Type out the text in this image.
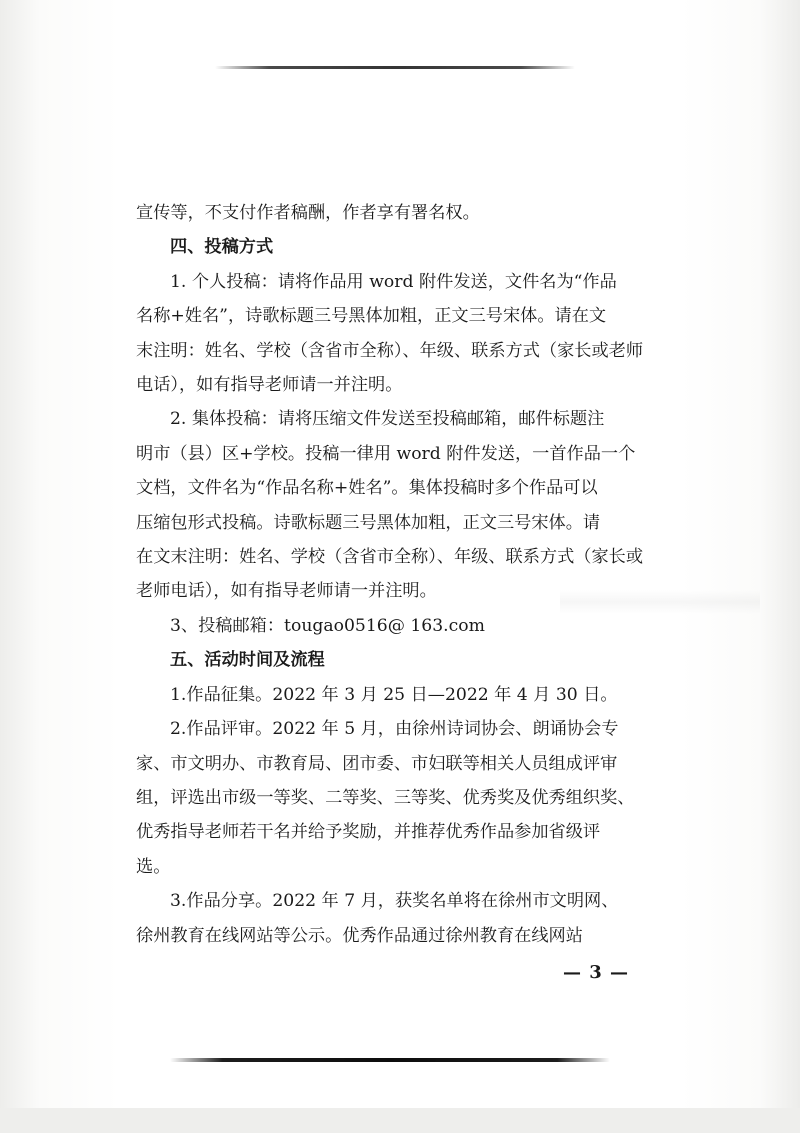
宣传等，不支付作者稿酬，作者享有署名权。

四、投稿方式

1. 个人投稿：请将作品用 word 附件发送，文件名为“作品

名称+姓名”，诗歌标题三号黑体加粗，正文三号宋体。请在文

末注明：姓名、学校（含省市全称）、年级、联系方式（家长或老师

电话），如有指导老师请一并注明。

2. 集体投稿：请将压缩文件发送至投稿邮箱，邮件标题注

明市（县）区+学校。投稿一律用 word 附件发送，一首作品一个

文档，文件名为“作品名称+姓名”。集体投稿时多个作品可以

压缩包形式投稿。诗歌标题三号黑体加粗，正文三号宋体。请

在文末注明：姓名、学校（含省市全称）、年级、联系方式（家长或

老师电话），如有指导老师请一并注明。

3、投稿邮箱：tougao0516@ 163.com

五、活动时间及流程

1.作品征集。2022 年 3 月 25 日—2022 年 4 月 30 日。

2.作品评审。2022 年 5 月，由徐州诗词协会、朗诵协会专

家、市文明办、市教育局、团市委、市妇联等相关人员组成评审

组，评选出市级一等奖、二等奖、三等奖、优秀奖及优秀组织奖、

优秀指导老师若干名并给予奖励，并推荐优秀作品参加省级评

选。

3.作品分享。2022 年 7 月，获奖名单将在徐州市文明网、

徐州教育在线网站等公示。优秀作品通过徐州教育在线网站

— 3 —
